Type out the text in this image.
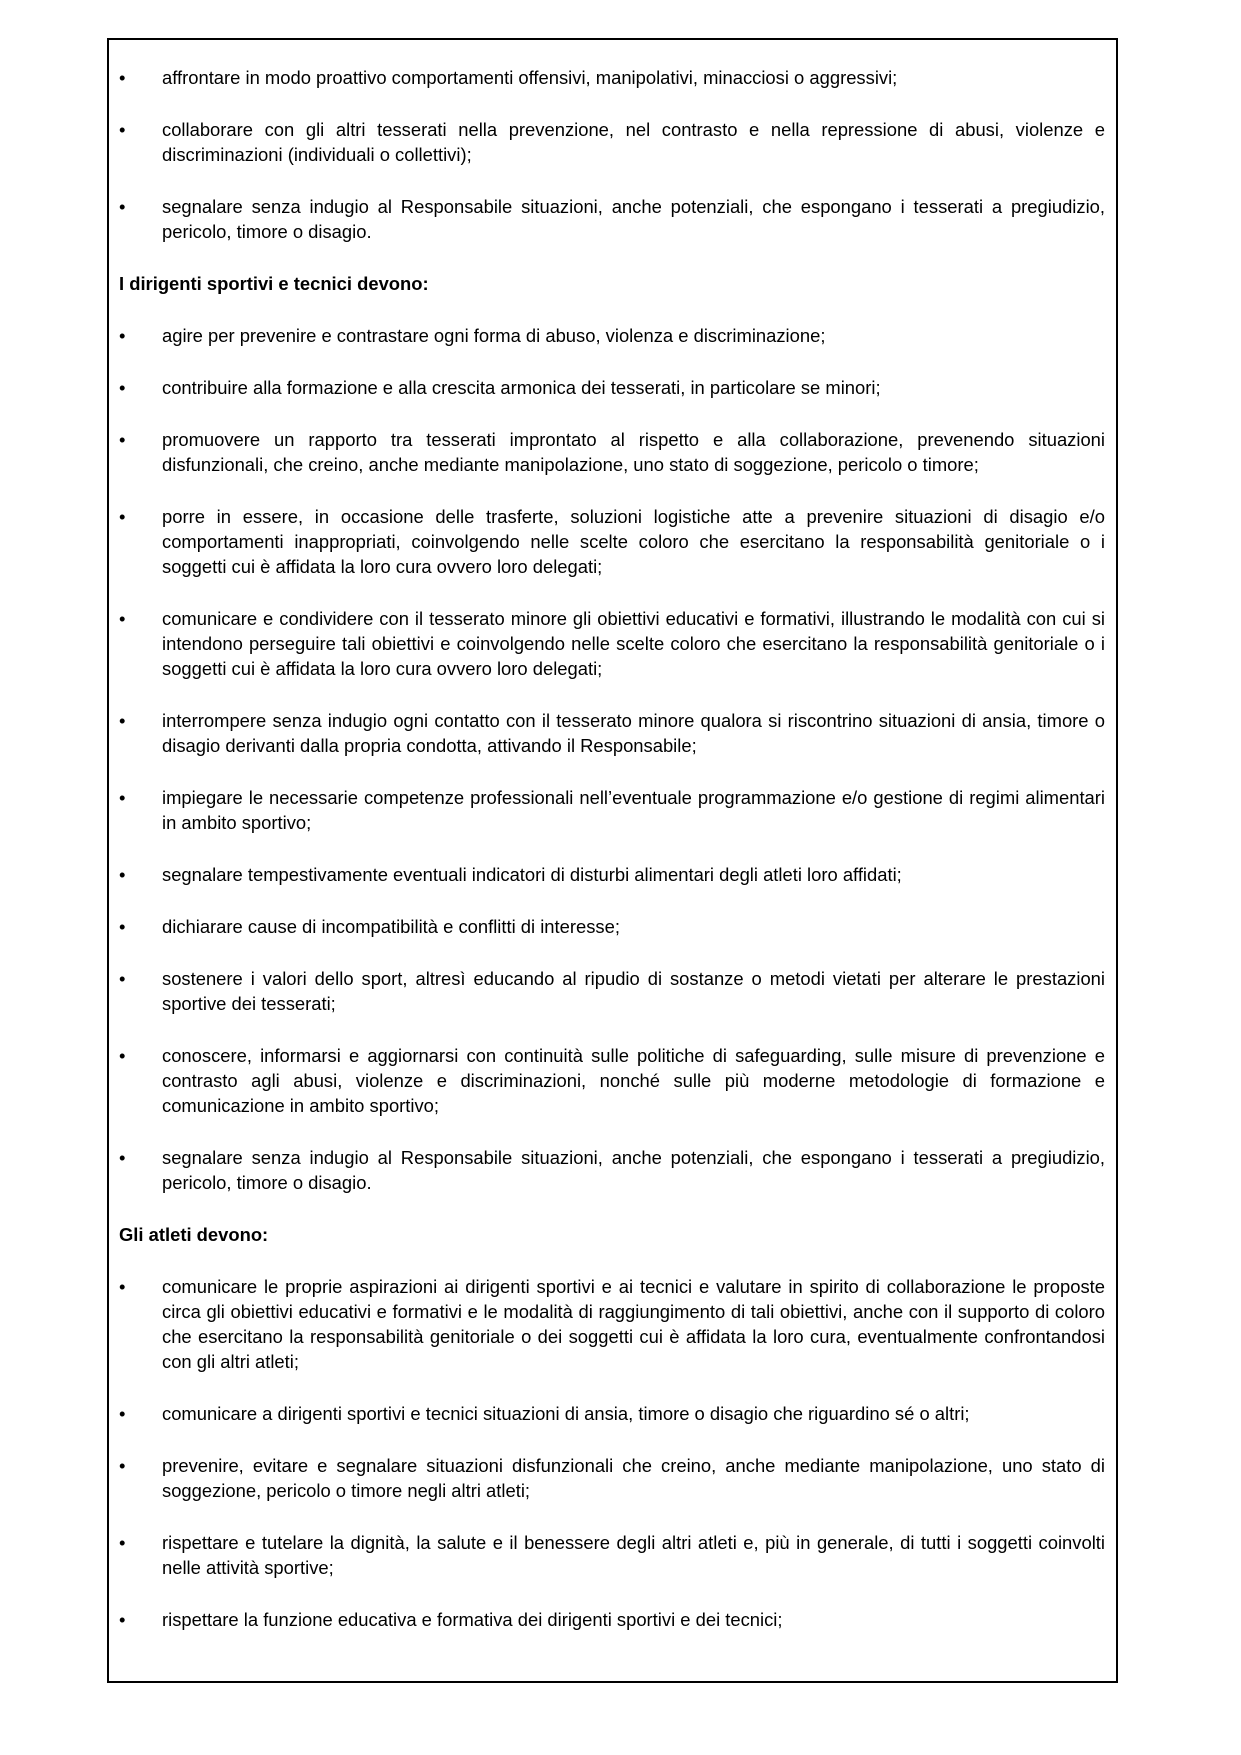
•	affrontare in modo proattivo comportamenti offensivi, manipolativi, minacciosi o aggressivi;
•	collaborare con gli altri tesserati nella prevenzione, nel contrasto e nella repressione di abusi, violenze e discriminazioni (individuali o collettivi);
•	segnalare senza indugio al Responsabile situazioni, anche potenziali, che espongano i tesserati a pregiudizio, pericolo, timore o disagio.
I dirigenti sportivi e tecnici devono:
•	agire per prevenire e contrastare ogni forma di abuso, violenza e discriminazione;
•	contribuire alla formazione e alla crescita armonica dei tesserati, in particolare se minori;
•	promuovere un rapporto tra tesserati improntato al rispetto e alla collaborazione, prevenendo situazioni disfunzionali, che creino, anche mediante manipolazione, uno stato di soggezione, pericolo o timore;
•	porre in essere, in occasione delle trasferte, soluzioni logistiche atte a prevenire situazioni di disagio e/o comportamenti inappropriati, coinvolgendo nelle scelte coloro che esercitano la responsabilità genitoriale o i soggetti cui è affidata la loro cura ovvero loro delegati;
•	comunicare e condividere con il tesserato minore gli obiettivi educativi e formativi, illustrando le modalità con cui si intendono perseguire tali obiettivi e coinvolgendo nelle scelte coloro che esercitano la responsabilità genitoriale o i soggetti cui è affidata la loro cura ovvero loro delegati;
•	interrompere senza indugio ogni contatto con il tesserato minore qualora si riscontrino situazioni di ansia, timore o disagio derivanti dalla propria condotta, attivando il Responsabile;
•	impiegare le necessarie competenze professionali nell’eventuale programmazione e/o gestione di regimi alimentari in ambito sportivo;
•	segnalare tempestivamente eventuali indicatori di disturbi alimentari degli atleti loro affidati;
•	dichiarare cause di incompatibilità e conflitti di interesse;
•	sostenere i valori dello sport, altresì educando al ripudio di sostanze o metodi vietati per alterare le prestazioni sportive dei tesserati;
•	conoscere, informarsi e aggiornarsi con continuità sulle politiche di safeguarding, sulle misure di prevenzione e contrasto agli abusi, violenze e discriminazioni, nonché sulle più moderne metodologie di formazione e comunicazione in ambito sportivo;
•	segnalare senza indugio al Responsabile situazioni, anche potenziali, che espongano i tesserati a pregiudizio, pericolo, timore o disagio.
Gli atleti devono:
•	comunicare le proprie aspirazioni ai dirigenti sportivi e ai tecnici e valutare in spirito di collaborazione le proposte circa gli obiettivi educativi e formativi e le modalità di raggiungimento di tali obiettivi, anche con il supporto di coloro che esercitano la responsabilità genitoriale o dei soggetti cui è affidata la loro cura, eventualmente confrontandosi con gli altri atleti;
•	comunicare a dirigenti sportivi e tecnici situazioni di ansia, timore o disagio che riguardino sé o altri;
•	prevenire, evitare e segnalare situazioni disfunzionali che creino, anche mediante manipolazione, uno stato di soggezione, pericolo o timore negli altri atleti;
•	rispettare e tutelare la dignità, la salute e il benessere degli altri atleti e, più in generale, di tutti i soggetti coinvolti nelle attività sportive;
•	rispettare la funzione educativa e formativa dei dirigenti sportivi e dei tecnici;
